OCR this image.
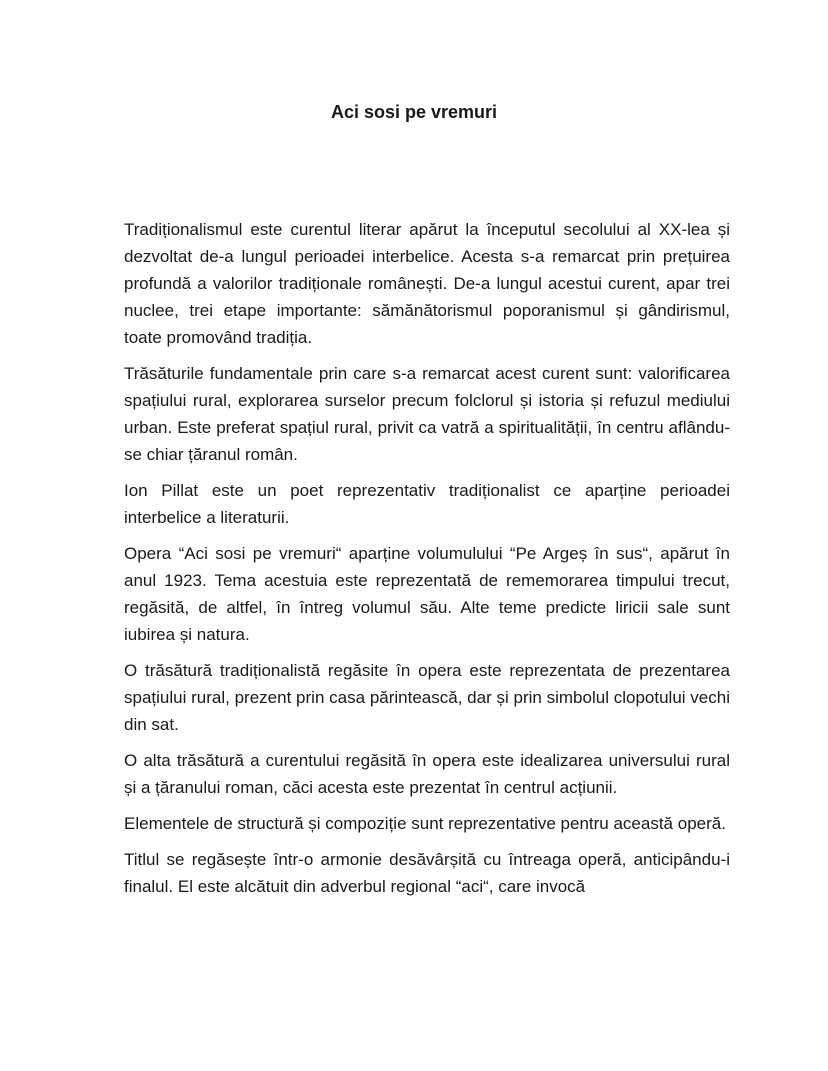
Aci sosi pe vremuri

Tradiționalismul este curentul literar apărut la începutul secolului al XX-lea și dezvoltat de-a lungul perioadei interbelice. Acesta s-a remarcat prin prețuirea profundă a valorilor tradiționale românești. De-a lungul acestui curent, apar trei nuclee, trei etape importante: sămănătorismul poporanismul și gândirismul, toate promovând tradiția.

Trăsăturile fundamentale prin care s-a remarcat acest curent sunt: valorificarea spațiului rural, explorarea surselor precum folclorul și istoria și refuzul mediului urban. Este preferat spațiul rural, privit ca vatră a spiritualității, în centru aflându-se chiar țăranul român.

Ion Pillat este un poet reprezentativ tradiționalist ce aparține perioadei interbelice a literaturii.

Opera “Aci sosi pe vremuri“ aparține volumulului “Pe Argeș în sus“, apărut în anul 1923. Tema acestuia este reprezentată de rememorarea timpului trecut, regăsită, de altfel, în întreg volumul său. Alte teme predicte liricii sale sunt iubirea și natura.

O trăsătură tradiționalistă regăsite în opera este reprezentata de prezentarea spațiului rural, prezent prin casa părintească, dar și prin simbolul clopotului vechi din sat.

O alta trăsătură a curentului regăsită în opera este idealizarea universului rural și a țăranului roman, căci acesta este prezentat în centrul acțiunii.

Elementele de structură și compoziție sunt reprezentative pentru această operă.

Titlul se regăsește într-o armonie desăvârșită cu întreaga operă, anticipându-i finalul. El este alcătuit din adverbul regional “aci“, care invocă
